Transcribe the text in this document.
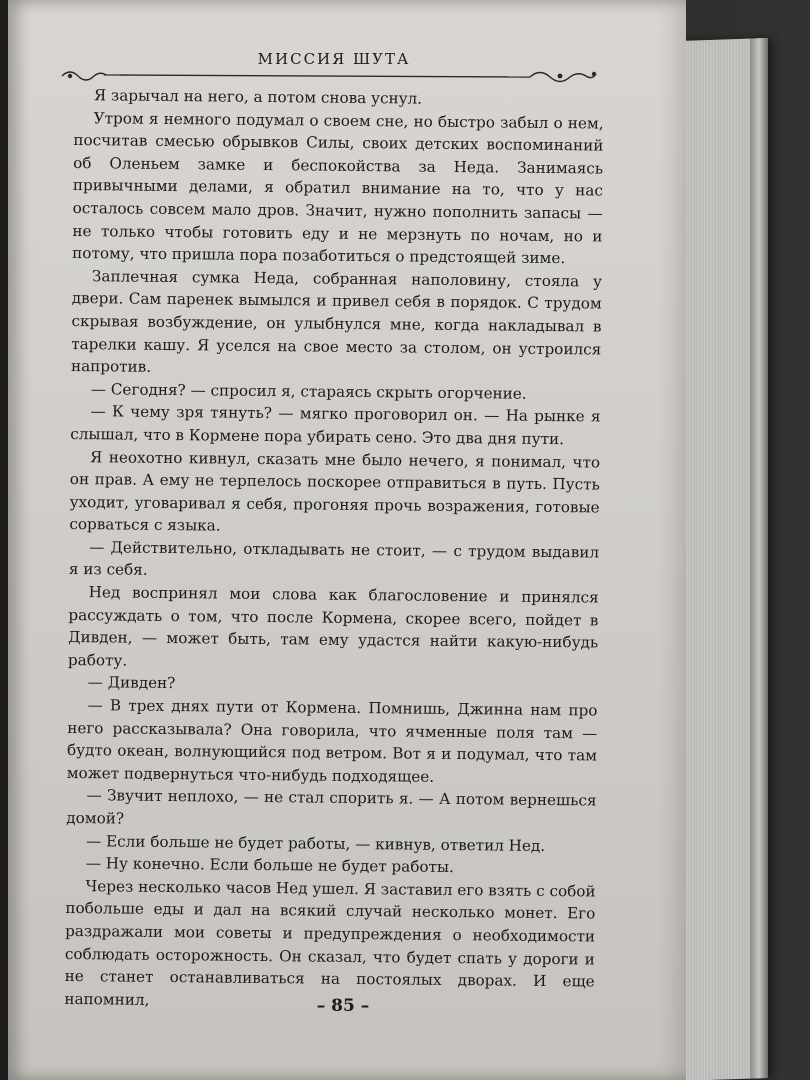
МИССИЯ ШУТА

Я зарычал на него, а потом снова уснул.

Утром я немного подумал о своем сне, но быстро забыл о нем, посчитав смесью обрывков Силы, своих детских воспоминаний об Оленьем замке и беспокойства за Неда. Занимаясь привычными делами, я обратил внимание на то, что у нас осталось совсем мало дров. Значит, нужно пополнить запасы — не только чтобы готовить еду и не мерзнуть по ночам, но и потому, что пришла пора позаботиться о предстоящей зиме.

Заплечная сумка Неда, собранная наполовину, стояла у двери. Сам паренек вымылся и привел себя в порядок. С трудом скрывая возбуждение, он улыбнулся мне, когда накладывал в тарелки кашу. Я уселся на свое место за столом, он устроился напротив.

— Сегодня? — спросил я, стараясь скрыть огорчение.

— К чему зря тянуть? — мягко проговорил он. — На рынке я слышал, что в Кормене пора убирать сено. Это два дня пути.

Я неохотно кивнул, сказать мне было нечего, я понимал, что он прав. А ему не терпелось поскорее отправиться в путь. Пусть уходит, уговаривал я себя, прогоняя прочь возражения, готовые сорваться с языка.

— Действительно, откладывать не стоит, — с трудом выдавил я из себя.

Нед воспринял мои слова как благословение и принялся рассуждать о том, что после Кормена, скорее всего, пойдет в Дивден, — может быть, там ему удастся найти какую-нибудь работу.

— Дивден?

— В трех днях пути от Кормена. Помнишь, Джинна нам про него рассказывала? Она говорила, что ячменные поля там — будто океан, волнующийся под ветром. Вот я и подумал, что там может подвернуться что-нибудь подходящее.

— Звучит неплохо, — не стал спорить я. — А потом вернешься домой?

— Если больше не будет работы, — кивнув, ответил Нед.

— Ну конечно. Если больше не будет работы.

Через несколько часов Нед ушел. Я заставил его взять с собой побольше еды и дал на всякий случай несколько монет. Его раздражали мои советы и предупреждения о необходимости соблюдать осторожность. Он сказал, что будет спать у дороги и не станет останавливаться на постоялых дворах. И еще напомнил,	– 85 –
